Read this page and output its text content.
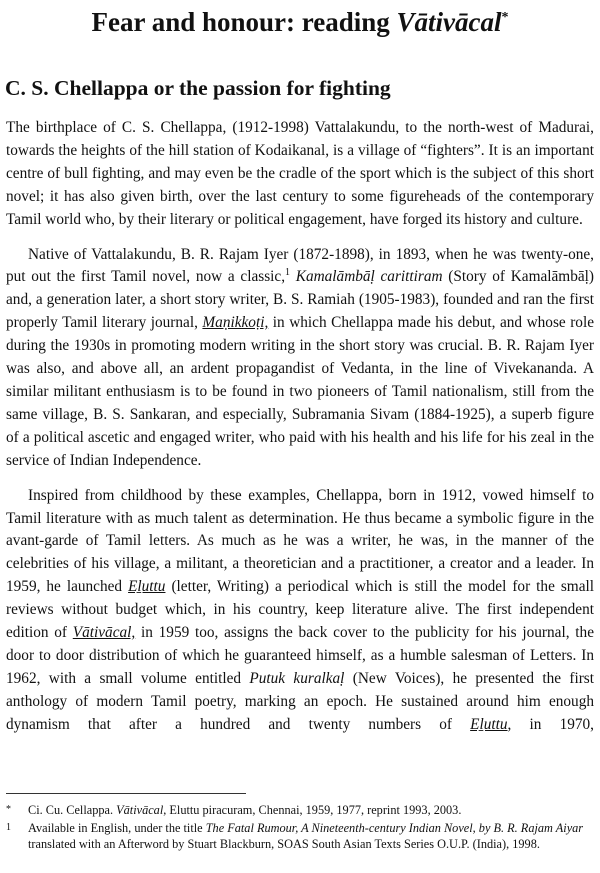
Fear and honour: reading Vātivācal*
C. S. Chellappa or the passion for fighting

The birthplace of C. S. Chellappa, (1912-1998) Vattalakundu, to the north-west of Madurai, towards the heights of the hill station of Kodaikanal, is a village of “fighters”. It is an important centre of bull fighting, and may even be the cradle of the sport which is the subject of this short novel; it has also given birth, over the last century to some figureheads of the contemporary Tamil world who, by their literary or political engagement, have forged its history and culture.

Native of Vattalakundu, B. R. Rajam Iyer (1872-1898), in 1893, when he was twenty-one, put out the first Tamil novel, now a classic,$^1$ Kamalāmbāḷ carittiram (Story of Kamalāmbāḷ) and, a generation later, a short story writer, B. S. Ramiah (1905-1983), founded and ran the first properly Tamil literary journal, Maṇikkoṭi, in which Chellappa made his debut, and whose role during the 1930s in promoting modern writing in the short story was crucial. B. R. Rajam Iyer was also, and above all, an ardent propagandist of Vedanta, in the line of Vivekananda. A similar militant enthusiasm is to be found in two pioneers of Tamil nationalism, still from the same village, B. S. Sankaran, and especially, Subramania Sivam (1884-1925), a superb figure of a political ascetic and engaged writer, who paid with his health and his life for his zeal in the service of Indian Independence.

Inspired from childhood by these examples, Chellappa, born in 1912, vowed himself to Tamil literature with as much talent as determination. He thus became a symbolic figure in the avant-garde of Tamil letters. As much as he was a writer, he was, in the manner of the celebrities of his village, a militant, a theoretician and a practitioner, a creator and a leader. In 1959, he launched Eḻuttu (letter, Writing) a periodical which is still the model for the small reviews without budget which, in his country, keep literature alive. The first independent edition of Vātivācal, in 1959 too, assigns the back cover to the publicity for his journal, the door to door distribution of which he guaranteed himself, as a humble salesman of Letters. In 1962, with a small volume entitled Putuk kuralkaḷ (New Voices), he presented the first anthology of modern Tamil poetry, marking an epoch. He sustained around him enough dynamism that after a hundred and twenty numbers of Eḻuttu, in 1970,

* Ci. Cu. Cellappa. Vātivācal, Eluttu piracuram, Chennai, 1959, 1977, reprint 1993, 2003.

1 Available in English, under the title The Fatal Rumour, A Nineteenth-century Indian Novel, by B. R. Rajam Aiyar translated with an Afterword by Stuart Blackburn, SOAS South Asian Texts Series O.U.P. (India), 1998.
